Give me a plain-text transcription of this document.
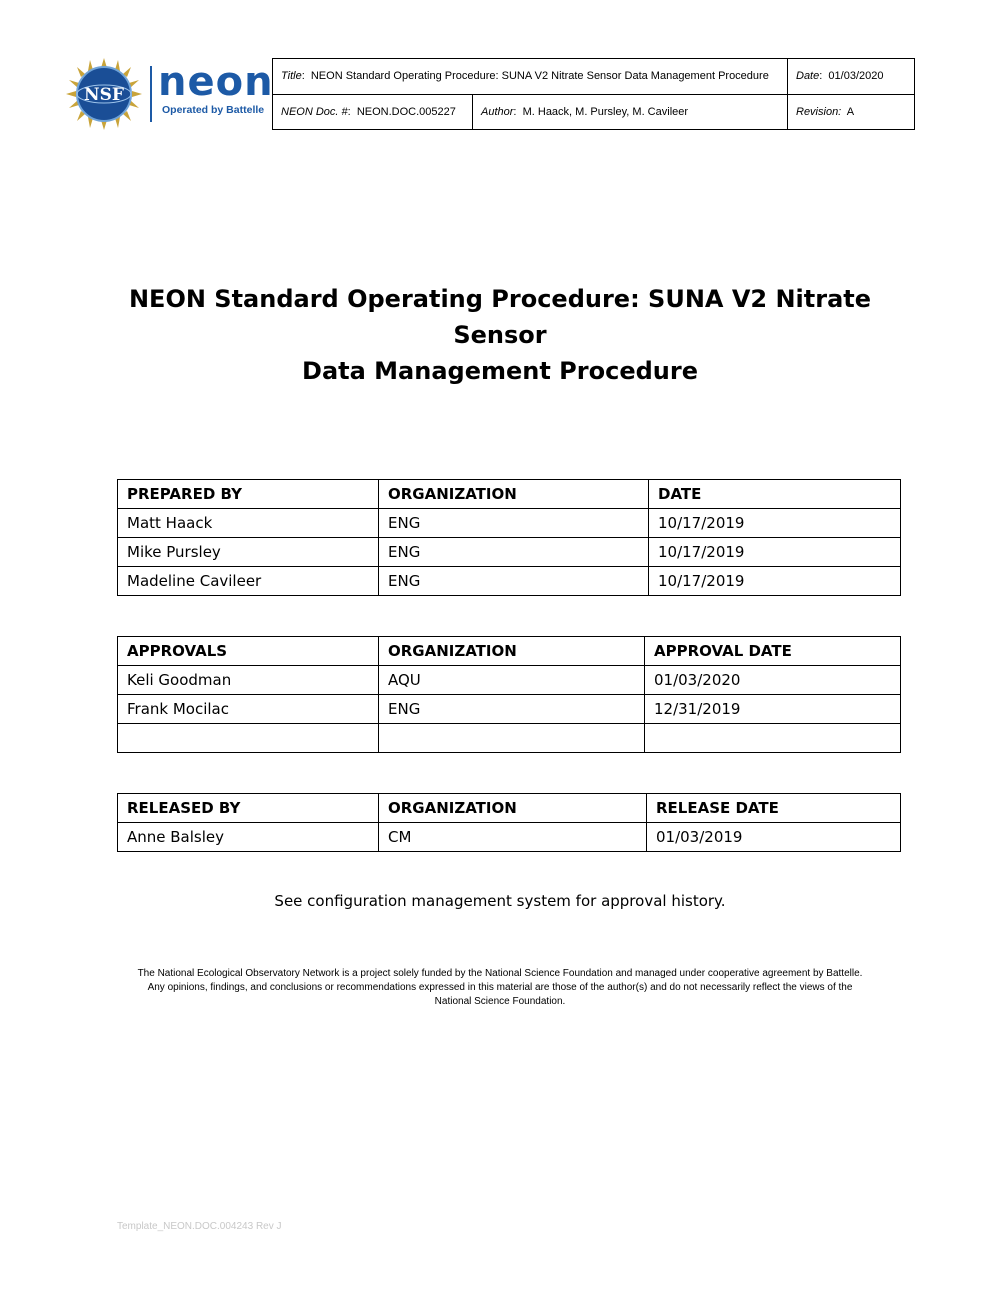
NSF neon
Operated by Battelle
Title:  NEON Standard Operating Procedure: SUNA V2 Nitrate Sensor Data Management Procedure		Date:  01/03/2020
NEON Doc. #:  NEON.DOC.005227	Author:  M. Haack, M. Pursley, M. Cavileer	Revision: A
NEON Standard Operating Procedure: SUNA V2 Nitrate Sensor
Data Management Procedure
PREPARED BY	ORGANIZATION	DATE
Matt Haack	ENG	10/17/2019
Mike Pursley	ENG	10/17/2019
Madeline Cavileer	ENG	10/17/2019
APPROVALS	ORGANIZATION	APPROVAL DATE
Keli Goodman	AQU	01/03/2020
Frank Mocilac	ENG	12/31/2019

RELEASED BY	ORGANIZATION	RELEASE DATE
Anne Balsley	CM	01/03/2019
See configuration management system for approval history.
The National Ecological Observatory Network is a project solely funded by the National Science Foundation and managed under cooperative agreement by Battelle.
Any opinions, findings, and conclusions or recommendations expressed in this material are those of the author(s) and do not necessarily reflect the views of the
National Science Foundation.
Template_NEON.DOC.004243 Rev J
